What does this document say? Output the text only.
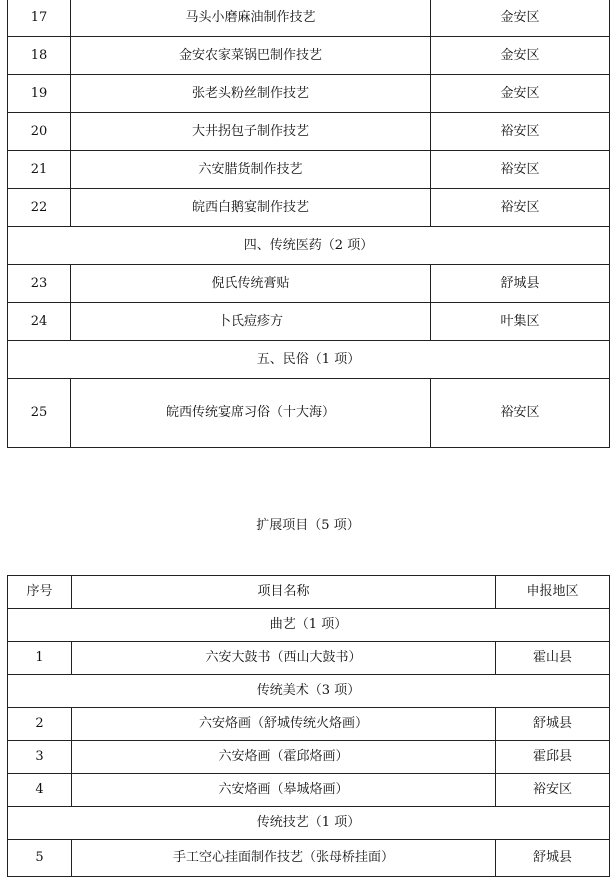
17	马头小磨麻油制作技艺	金安区
18	金安农家菜锅巴制作技艺	金安区
19	张老头粉丝制作技艺	金安区
20	大井拐包子制作技艺	裕安区
21	六安腊货制作技艺	裕安区
22	皖西白鹅宴制作技艺	裕安区
四、传统医药（2 项）		
23	倪氏传统膏贴	舒城县
24	卜氏痘疹方	叶集区
五、民俗（1 项）		
25	皖西传统宴席习俗（十大海）	裕安区
扩展项目（5 项）
序号	项目名称	申报地区
曲艺（1 项）		
1	六安大鼓书（西山大鼓书）	霍山县
传统美术（3 项）		
2	六安烙画（舒城传统火烙画）	舒城县
3	六安烙画（霍邱烙画）	霍邱县
4	六安烙画（皋城烙画）	裕安区
传统技艺（1 项）		
5	手工空心挂面制作技艺（张母桥挂面）	舒城县
